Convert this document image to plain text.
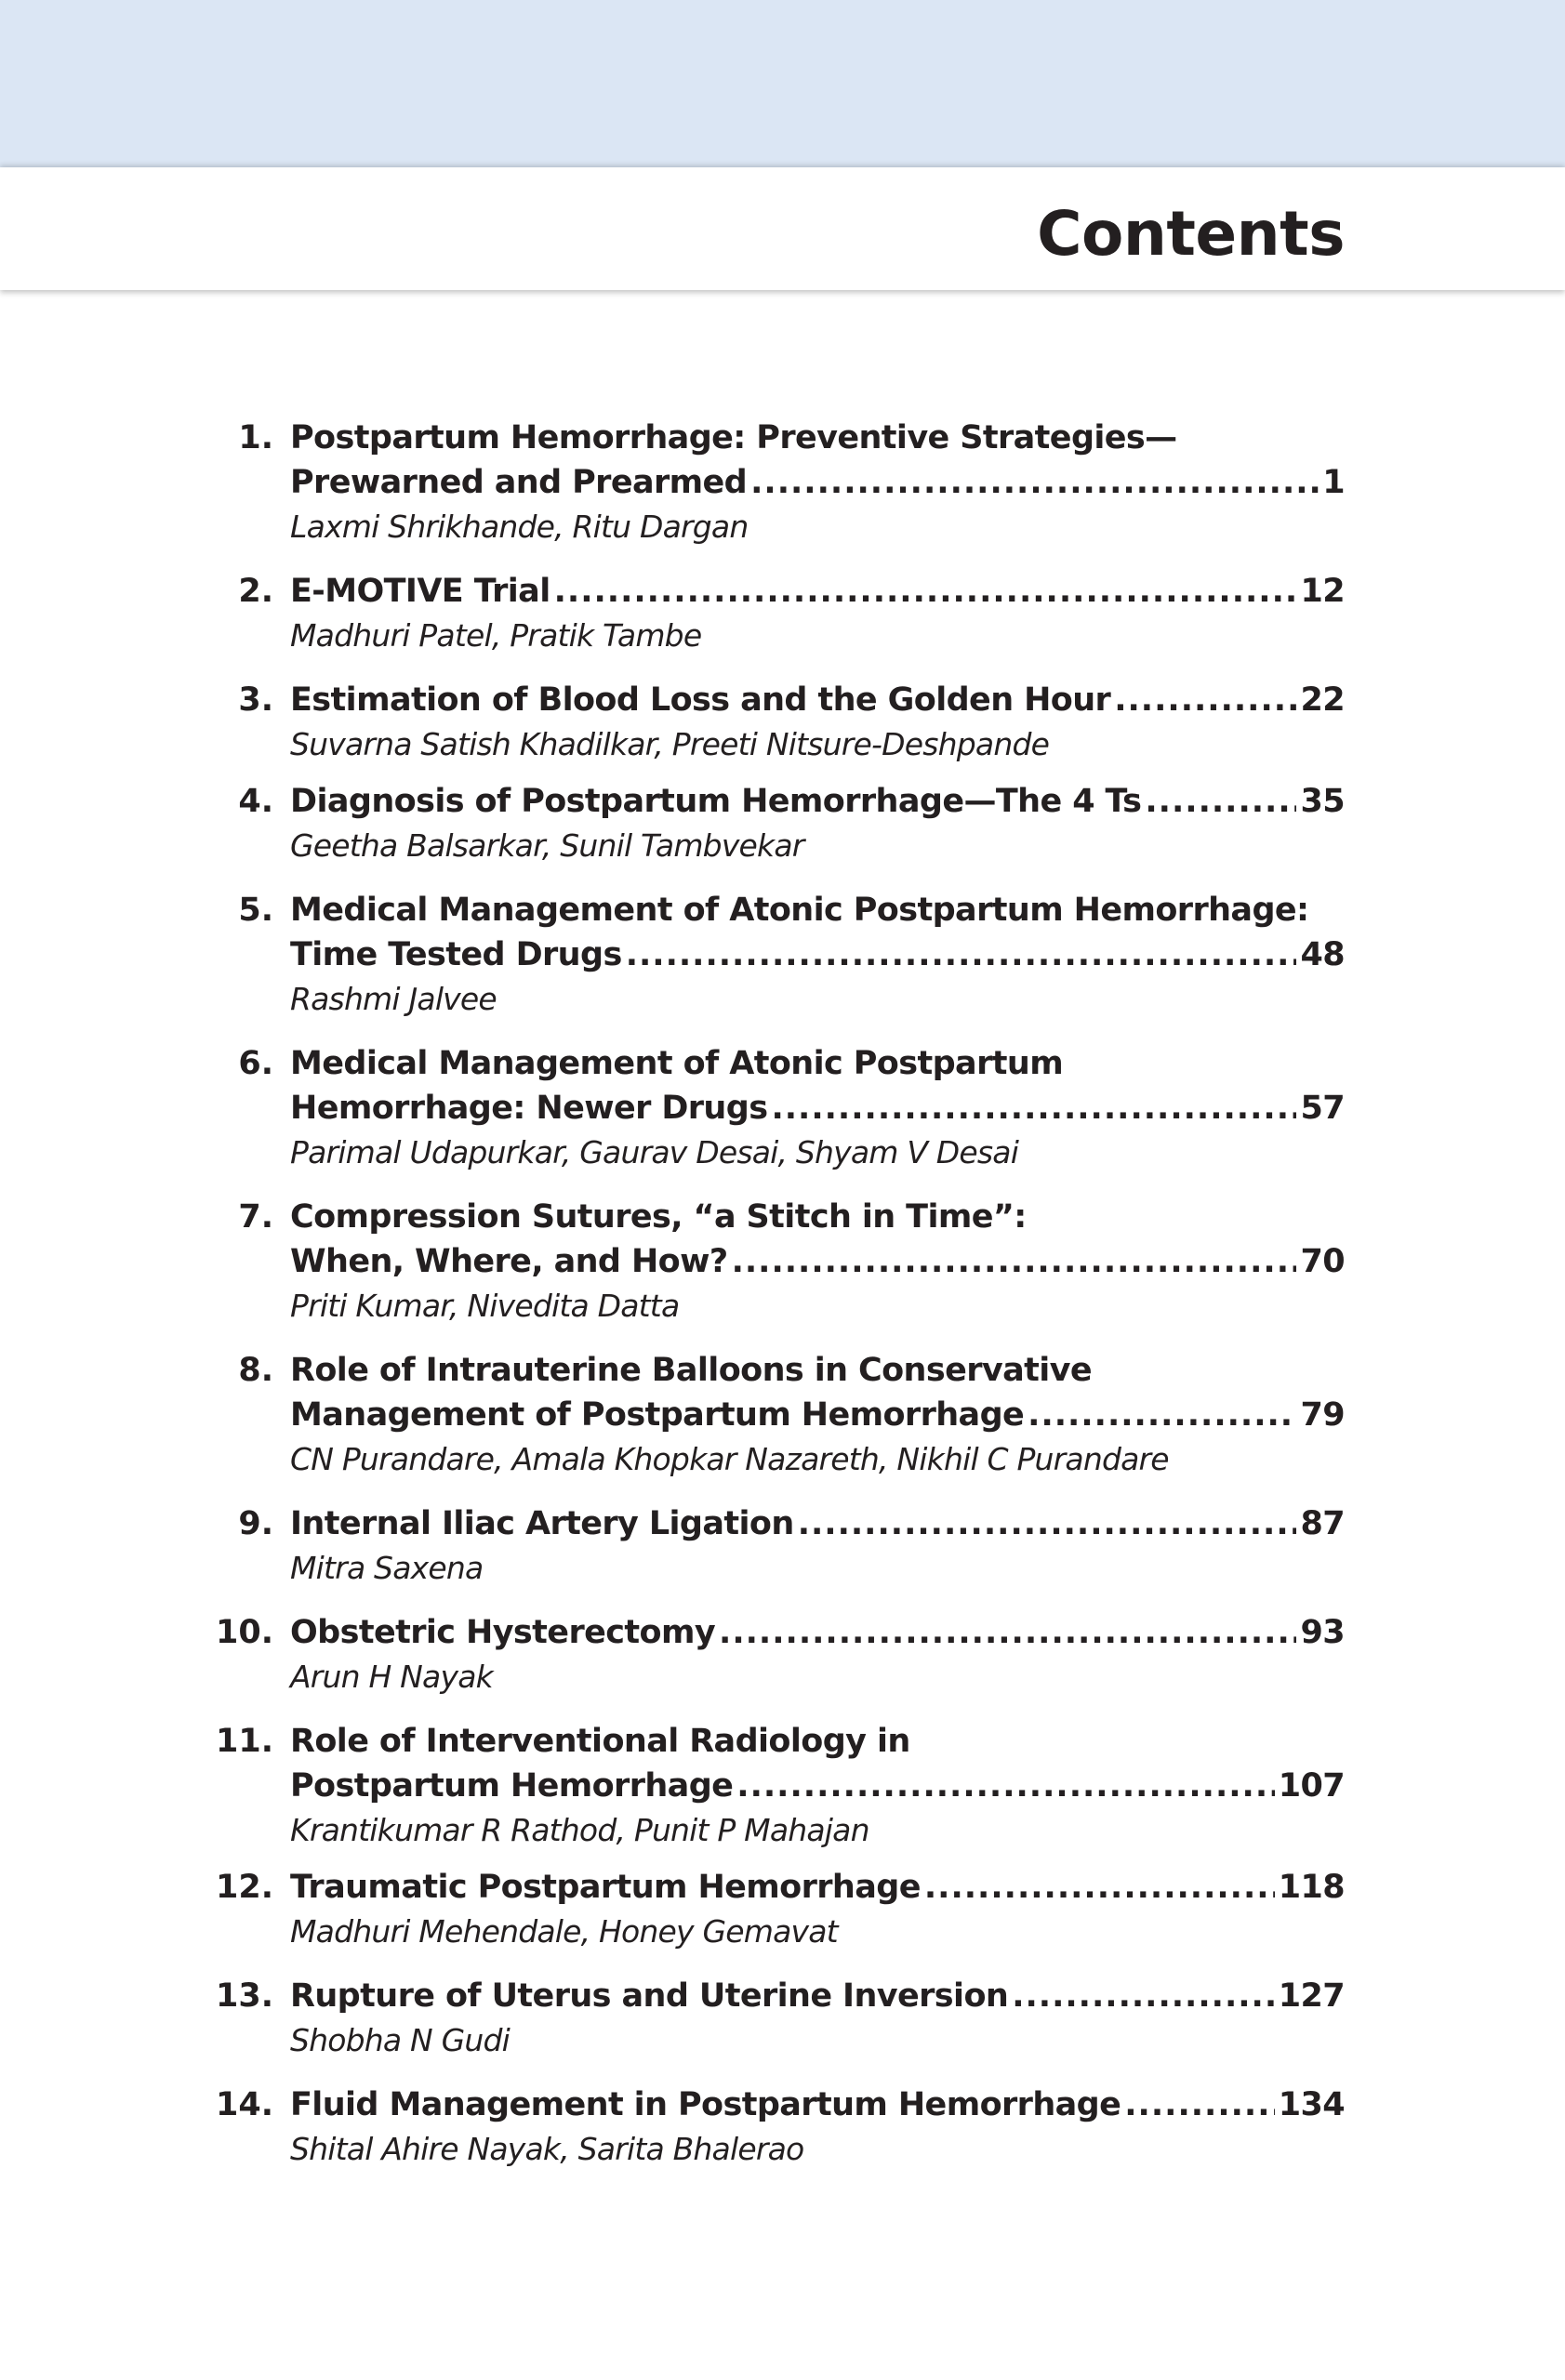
Contents
1. Postpartum Hemorrhage: Preventive Strategies—
Prewarned and Prearmed .....	1
Laxmi Shrikhande, Ritu Dargan
2. E-MOTIVE Trial .....	12
Madhuri Patel, Pratik Tambe
3. Estimation of Blood Loss and the Golden Hour .....	22
Suvarna Satish Khadilkar, Preeti Nitsure-Deshpande
4. Diagnosis of Postpartum Hemorrhage—The 4 Ts .....	35
Geetha Balsarkar, Sunil Tambvekar
5. Medical Management of Atonic Postpartum Hemorrhage:
Time Tested Drugs .....	48
Rashmi Jalvee
6. Medical Management of Atonic Postpartum
Hemorrhage: Newer Drugs .....	57
Parimal Udapurkar, Gaurav Desai, Shyam V Desai
7. Compression Sutures, “a Stitch in Time”:
When, Where, and How? .....	70
Priti Kumar, Nivedita Datta
8. Role of Intrauterine Balloons in Conservative
Management of Postpartum Hemorrhage .....	79
CN Purandare, Amala Khopkar Nazareth, Nikhil C Purandare
9. Internal Iliac Artery Ligation .....	87
Mitra Saxena
10. Obstetric Hysterectomy .....	93
Arun H Nayak
11. Role of Interventional Radiology in
Postpartum Hemorrhage .....	107
Krantikumar R Rathod, Punit P Mahajan
12. Traumatic Postpartum Hemorrhage .....	118
Madhuri Mehendale, Honey Gemavat
13. Rupture of Uterus and Uterine Inversion .....	127
Shobha N Gudi
14. Fluid Management in Postpartum Hemorrhage .....	134
Shital Ahire Nayak, Sarita Bhalerao
